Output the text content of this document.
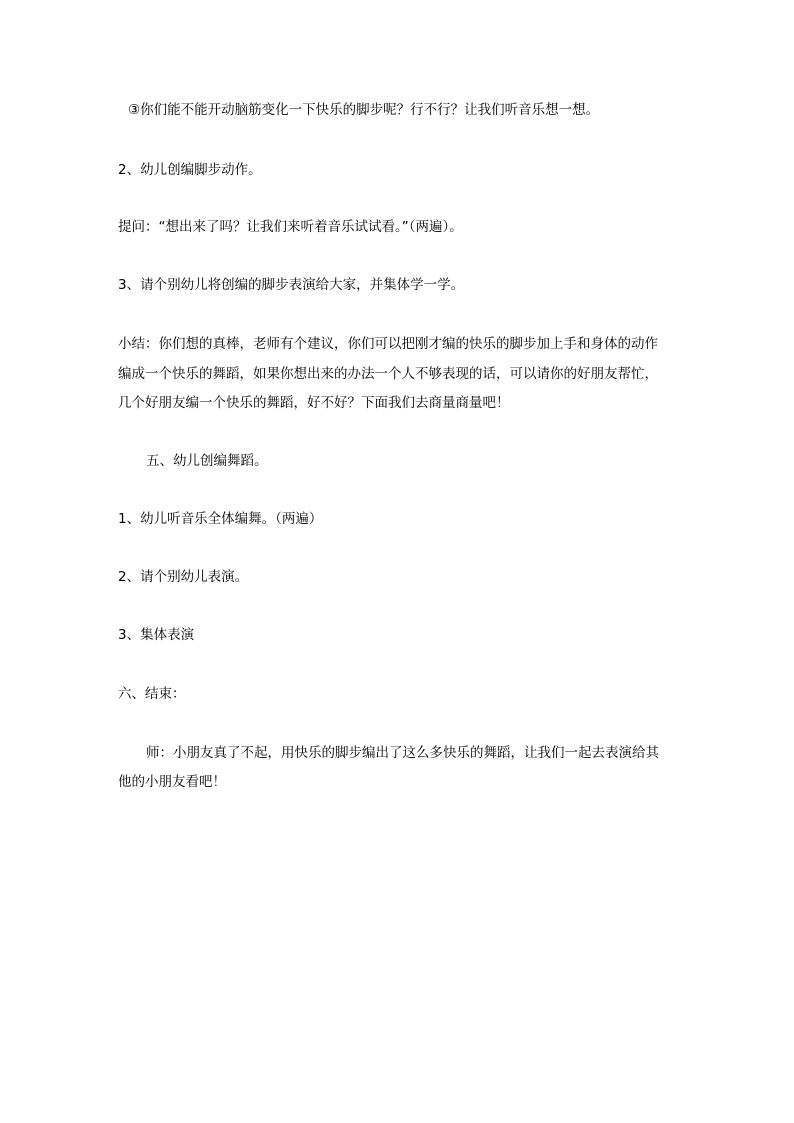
③你们能不能开动脑筋变化一下快乐的脚步呢？行不行？让我们听音乐想一想。

2、幼儿创编脚步动作。

提问：“想出来了吗？让我们来听着音乐试试看。”（两遍）。

3、请个别幼儿将创编的脚步表演给大家，并集体学一学。

小结：你们想的真棒，老师有个建议，你们可以把刚才编的快乐的脚步加上手和身体的动作

编成一个快乐的舞蹈，如果你想出来的办法一个人不够表现的话，可以请你的好朋友帮忙，

几个好朋友编一个快乐的舞蹈，好不好？下面我们去商量商量吧！

五、幼儿创编舞蹈。

1、幼儿听音乐全体编舞。（两遍）

2、请个别幼儿表演。

3、集体表演

六、结束：

师：小朋友真了不起，用快乐的脚步编出了这么多快乐的舞蹈，让我们一起去表演给其

他的小朋友看吧！
